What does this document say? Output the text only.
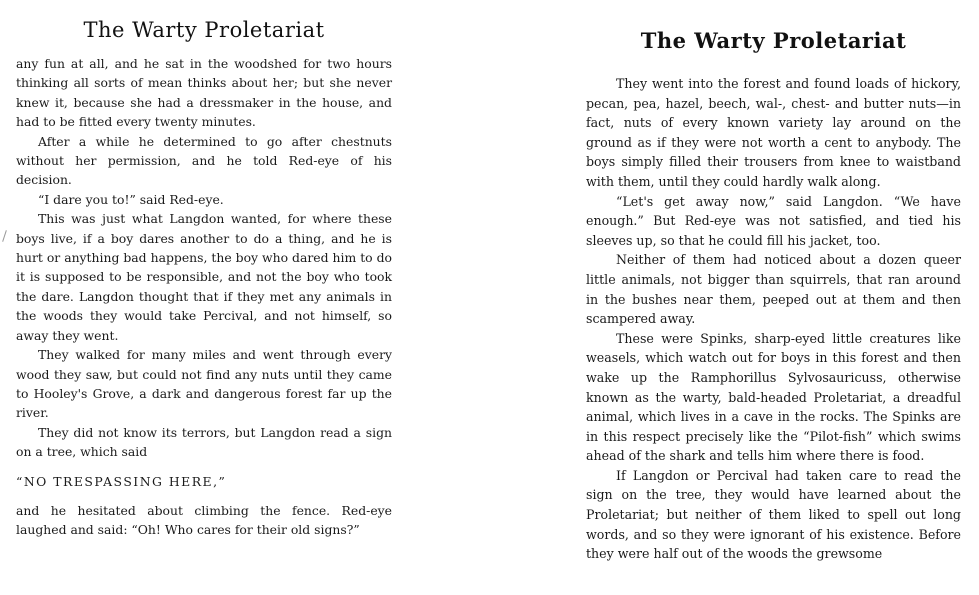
The Warty Proletariat

any fun at all, and he sat in the woodshed for two hours thinking all sorts of mean thinks about her; but she never knew it, because she had a dressmaker in the house, and had to be fitted every twenty minutes.

After a while he determined to go after chestnuts without her permission, and he told Red-eye of his decision.

“I dare you to!” said Red-eye.

This was just what Langdon wanted, for where these boys live, if a boy dares another to do a thing, and he is hurt or anything bad happens, the boy who dared him to do it is supposed to be responsible, and not the boy who took the dare. Langdon thought that if they met any animals in the woods they would take Percival, and not himself, so away they went.

They walked for many miles and went through every wood they saw, but could not find any nuts until they came to Hooley's Grove, a dark and dangerous forest far up the river.

They did not know its terrors, but Langdon read a sign on a tree, which said

“NO TRESPASSING HERE,”

and he hesitated about climbing the fence. Red-eye laughed and said: “Oh! Who cares for their old signs?”

The Warty Proletariat

They went into the forest and found loads of hickory, pecan, pea, hazel, beech, wal-, chest- and butter nuts—in fact, nuts of every known variety lay around on the ground as if they were not worth a cent to anybody. The boys simply filled their trousers from knee to waistband with them, until they could hardly walk along.

“Let's get away now,” said Langdon. “We have enough.” But Red-eye was not satisfied, and tied his sleeves up, so that he could fill his jacket, too.

Neither of them had noticed about a dozen queer little animals, not bigger than squirrels, that ran around in the bushes near them, peeped out at them and then scampered away.

These were Spinks, sharp-eyed little creatures like weasels, which watch out for boys in this forest and then wake up the Ramphorillus Sylvosauricuss, otherwise known as the warty, bald-headed Proletariat, a dreadful animal, which lives in a cave in the rocks. The Spinks are in this respect precisely like the “Pilot-fish” which swims ahead of the shark and tells him where there is food.

If Langdon or Percival had taken care to read the sign on the tree, they would have learned about the Proletariat; but neither of them liked to spell out long words, and so they were ignorant of his existence. Before they were half out of the woods the grewsome
